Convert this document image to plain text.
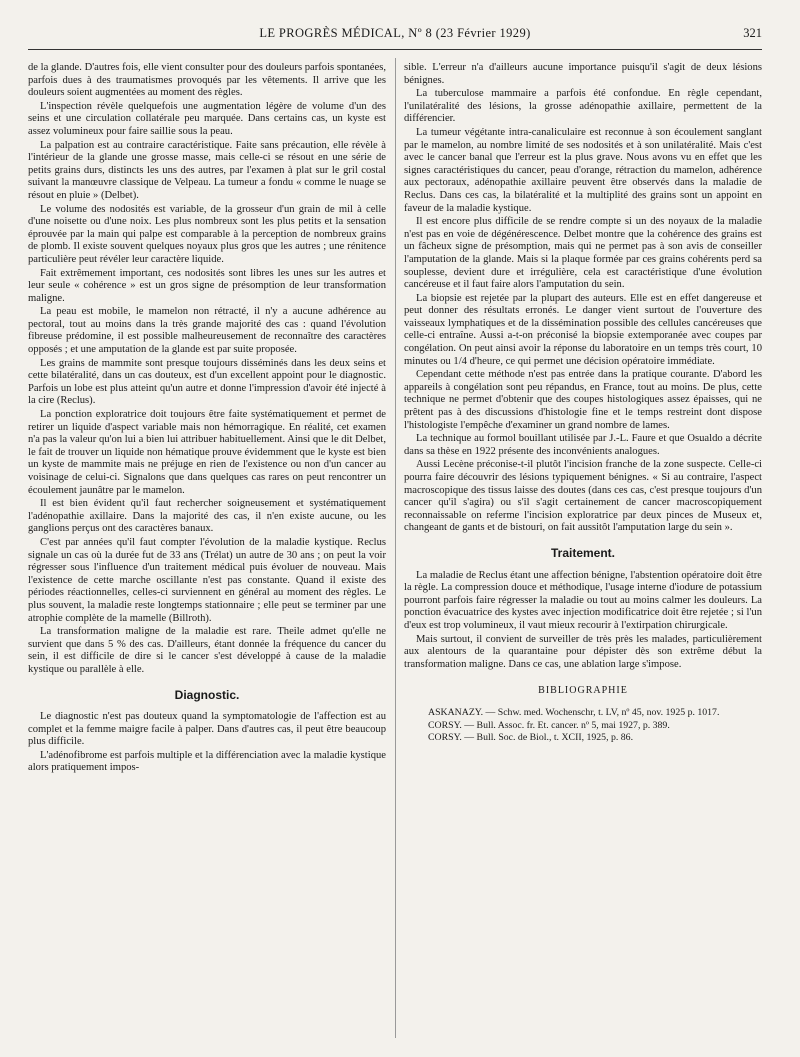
LE PROGRÈS MÉDICAL, Nº 8 (23 Février 1929)	321

de la glande. D'autres fois, elle vient consulter pour des douleurs parfois spontanées, parfois dues à des traumatismes provoqués par les vêtements. Il arrive que les douleurs soient augmentées au moment des règles.

L'inspection révèle quelquefois une augmentation légère de volume d'un des seins et une circulation collatérale peu marquée. Dans certains cas, un kyste est assez volumineux pour faire saillie sous la peau.

La palpation est au contraire caractéristique. Faite sans précaution, elle révèle à l'intérieur de la glande une grosse masse, mais celle-ci se résout en une série de petits grains durs, distincts les uns des autres, par l'examen à plat sur le gril costal suivant la manœuvre classique de Velpeau. La tumeur a fondu « comme le nuage se résout en pluie » (Delbet).

Le volume des nodosités est variable, de la grosseur d'un grain de mil à celle d'une noisette ou d'une noix. Les plus nombreux sont les plus petits et la sensation éprouvée par la main qui palpe est comparable à la perception de nombreux grains de plomb. Il existe souvent quelques noyaux plus gros que les autres ; une rénitence particulière peut révéler leur caractère liquide.

Fait extrêmement important, ces nodosités sont libres les unes sur les autres et leur seule « cohérence » est un gros signe de présomption de leur transformation maligne.

La peau est mobile, le mamelon non rétracté, il n'y a aucune adhérence au pectoral, tout au moins dans la très grande majorité des cas : quand l'évolution fibreuse prédomine, il est possible malheureusement de reconnaître des caractères opposés ; et une amputation de la glande est par suite proposée.

Les grains de mammite sont presque toujours disséminés dans les deux seins et cette bilatéralité, dans un cas douteux, est d'un excellent appoint pour le diagnostic. Parfois un lobe est plus atteint qu'un autre et donne l'impression d'avoir été injecté à la cire (Reclus).

La ponction exploratrice doit toujours être faite systématiquement et permet de retirer un liquide d'aspect variable mais non hémorragique. En réalité, cet examen n'a pas la valeur qu'on lui a bien lui attribuer habituellement. Ainsi que le dit Delbet, le fait de trouver un liquide non hématique prouve évidemment que le kyste est bien un kyste de mammite mais ne préjuge en rien de l'existence ou non d'un cancer au voisinage de celui-ci. Signalons que dans quelques cas rares on peut rencontrer un écoulement jaunâtre par le mamelon.

Il est bien évident qu'il faut rechercher soigneusement et systématiquement l'adénopathie axillaire. Dans la majorité des cas, il n'en existe aucune, ou les ganglions perçus ont des caractères banaux.

C'est par années qu'il faut compter l'évolution de la maladie kystique. Reclus signale un cas où la durée fut de 33 ans (Trélat) un autre de 30 ans ; on peut la voir régresser sous l'influence d'un traitement médical puis évoluer de nouveau. Mais l'existence de cette marche oscillante n'est pas constante. Quand il existe des périodes réactionnelles, celles-ci surviennent en général au moment des règles. Le plus souvent, la maladie reste longtemps stationnaire ; elle peut se terminer par une atrophie complète de la mamelle (Billroth).

La transformation maligne de la maladie est rare. Theile admet qu'elle ne survient que dans 5 % des cas. D'ailleurs, étant donnée la fréquence du cancer du sein, il est difficile de dire si le cancer s'est développé à cause de la maladie kystique ou parallèle à elle.

Diagnostic.

Le diagnostic n'est pas douteux quand la symptomatologie de l'affection est au complet et la femme maigre facile à palper. Dans d'autres cas, il peut être beaucoup plus difficile.

L'adénofibrome est parfois multiple et la différenciation avec la maladie kystique alors pratiquement impos-

sible. L'erreur n'a d'ailleurs aucune importance puisqu'il s'agit de deux lésions bénignes.

La tuberculose mammaire a parfois été confondue. En règle cependant, l'unilatéralité des lésions, la grosse adénopathie axillaire, permettent de la différencier.

La tumeur végétante intra-canaliculaire est reconnue à son écoulement sanglant par le mamelon, au nombre limité de ses nodosités et à son unilatéralité. Mais c'est avec le cancer banal que l'erreur est la plus grave. Nous avons vu en effet que les signes caractéristiques du cancer, peau d'orange, rétraction du mamelon, adhérence aux pectoraux, adénopathie axillaire peuvent être observés dans la maladie de Reclus. Dans ces cas, la bilatéralité et la multiplité des grains sont un appoint en faveur de la maladie kystique.

Il est encore plus difficile de se rendre compte si un des noyaux de la maladie n'est pas en voie de dégénérescence. Delbet montre que la cohérence des grains est un fâcheux signe de présomption, mais qui ne permet pas à son avis de conseiller l'amputation de la glande. Mais si la plaque formée par ces grains cohérents perd sa souplesse, devient dure et irrégulière, cela est caractéristique d'une évolution cancéreuse et il faut faire alors l'amputation du sein.

La biopsie est rejetée par la plupart des auteurs. Elle est en effet dangereuse et peut donner des résultats erronés. Le danger vient surtout de l'ouverture des vaisseaux lymphatiques et de la dissémination possible des cellules cancéreuses que celle-ci entraîne. Aussi a-t-on préconisé la biopsie extemporanée avec coupes par congélation. On peut ainsi avoir la réponse du laboratoire en un temps très court, 10 minutes ou 1/4 d'heure, ce qui permet une décision opératoire immédiate.

Cependant cette méthode n'est pas entrée dans la pratique courante. D'abord les appareils à congélation sont peu répandus, en France, tout au moins. De plus, cette technique ne permet d'obtenir que des coupes histologiques assez épaisses, qui ne prêtent pas à des discussions d'histologie fine et le temps restreint dont dispose l'histologiste l'empêche d'examiner un grand nombre de lames.

La technique au formol bouillant utilisée par J.-L. Faure et que Osualdo a décrite dans sa thèse en 1922 présente des inconvénients analogues.

Aussi Lecène préconise-t-il plutôt l'incision franche de la zone suspecte. Celle-ci pourra faire découvrir des lésions typiquement bénignes. « Si au contraire, l'aspect macroscopique des tissus laisse des doutes (dans ces cas, c'est presque toujours d'un cancer qu'il s'agira) ou s'il s'agit certainement de cancer macroscopiquement reconnaissable on referme l'incision exploratrice par deux pinces de Museux et, changeant de gants et de bistouri, on fait aussitôt l'amputation large du sein ».

Traitement.

La maladie de Reclus étant une affection bénigne, l'abstention opératoire doit être la règle. La compression douce et méthodique, l'usage interne d'iodure de potassium pourront parfois faire régresser la maladie ou tout au moins calmer les douleurs. La ponction évacuatrice des kystes avec injection modificatrice doit être rejetée ; si l'un d'eux est trop volumineux, il vaut mieux recourir à l'extirpation chirurgicale.

Mais surtout, il convient de surveiller de très près les malades, particulièrement aux alentours de la quarantaine pour dépister dès son extrême début la transformation maligne. Dans ce cas, une ablation large s'impose.

BIBLIOGRAPHIE

ASKANAZY. — Schw. med. Wochenschr, t. LV, nº 45, nov. 1925 p. 1017.

CORSY. — Bull. Assoc. fr. Et. cancer. nº 5, mai 1927, p. 389.

CORSY. — Bull. Soc. de Biol., t. XCII, 1925, p. 86.
